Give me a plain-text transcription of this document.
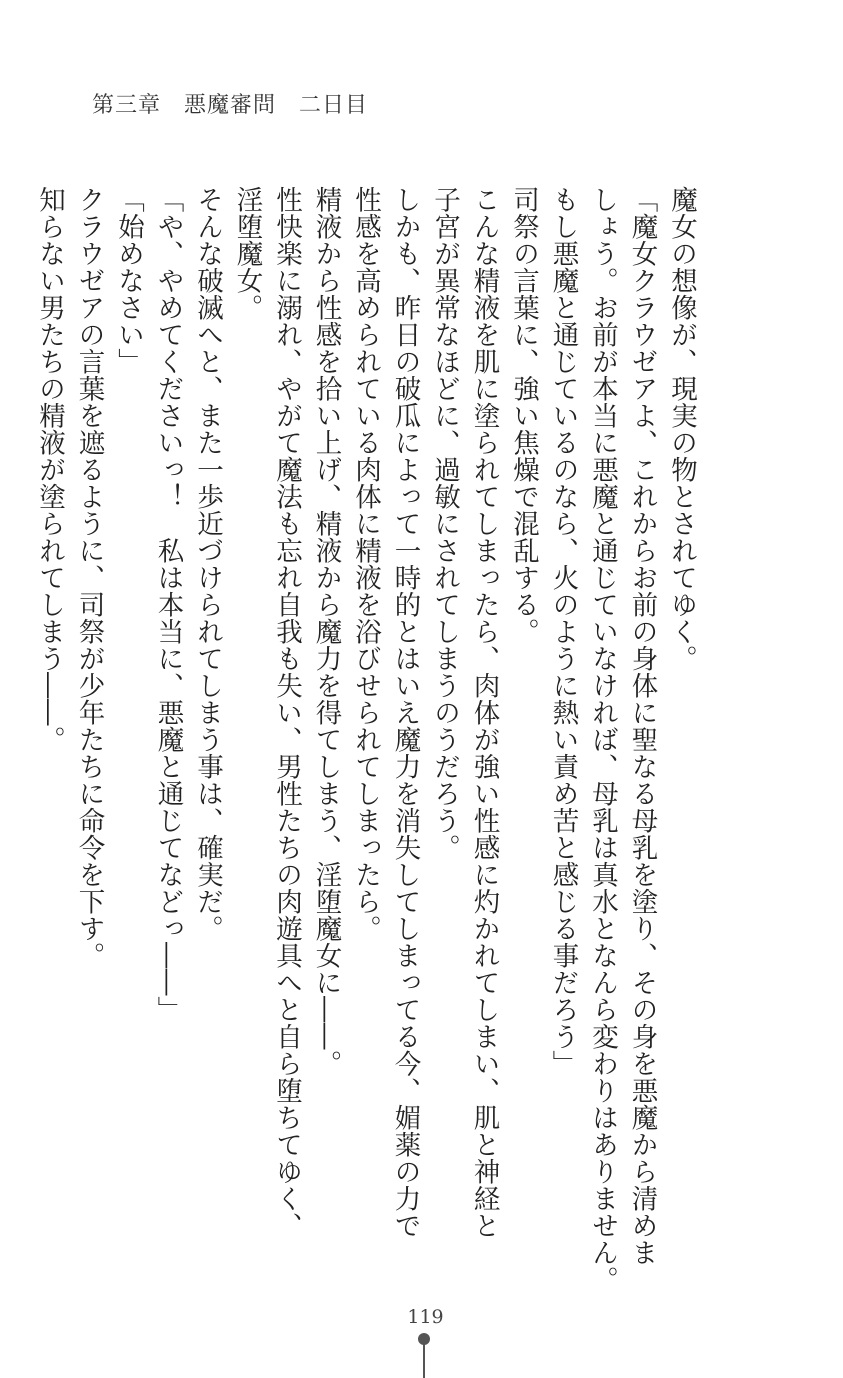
第三章　悪魔審問　二日目

魔女の想像が、現実の物とされてゆく。

「魔女クラウゼアよ、これからお前の身体に聖なる母乳を塗り、その身を悪魔から清めま

しょう。お前が本当に悪魔と通じていなければ、母乳は真水となんら変わりはありません。

もし悪魔と通じているのなら、火のように熱い責め苦と感じる事だろう」

司祭の言葉に、強い焦燥で混乱する。

こんな精液を肌に塗られてしまったら、肉体が強い性感に灼かれてしまい、肌と神経と

子宮が異常なほどに、過敏にされてしまうのうだろう。

しかも、昨日の破瓜によって一時的とはいえ魔力を消失してしまってる今、媚薬の力で

性感を高められている肉体に精液を浴びせられてしまったら。

精液から性感を拾い上げ、精液から魔力を得てしまう、淫堕魔女に――。

性快楽に溺れ、やがて魔法も忘れ自我も失い、男性たちの肉遊具へと自ら堕ちてゆく、

淫堕魔女。

そんな破滅へと、また一歩近づけられてしまう事は、確実だ。

「や、やめてくださいっ！　私は本当に、悪魔と通じてなどっ――」

「始めなさい」

クラウゼアの言葉を遮るように、司祭が少年たちに命令を下す。

知らない男たちの精液が塗られてしまう――。

119
